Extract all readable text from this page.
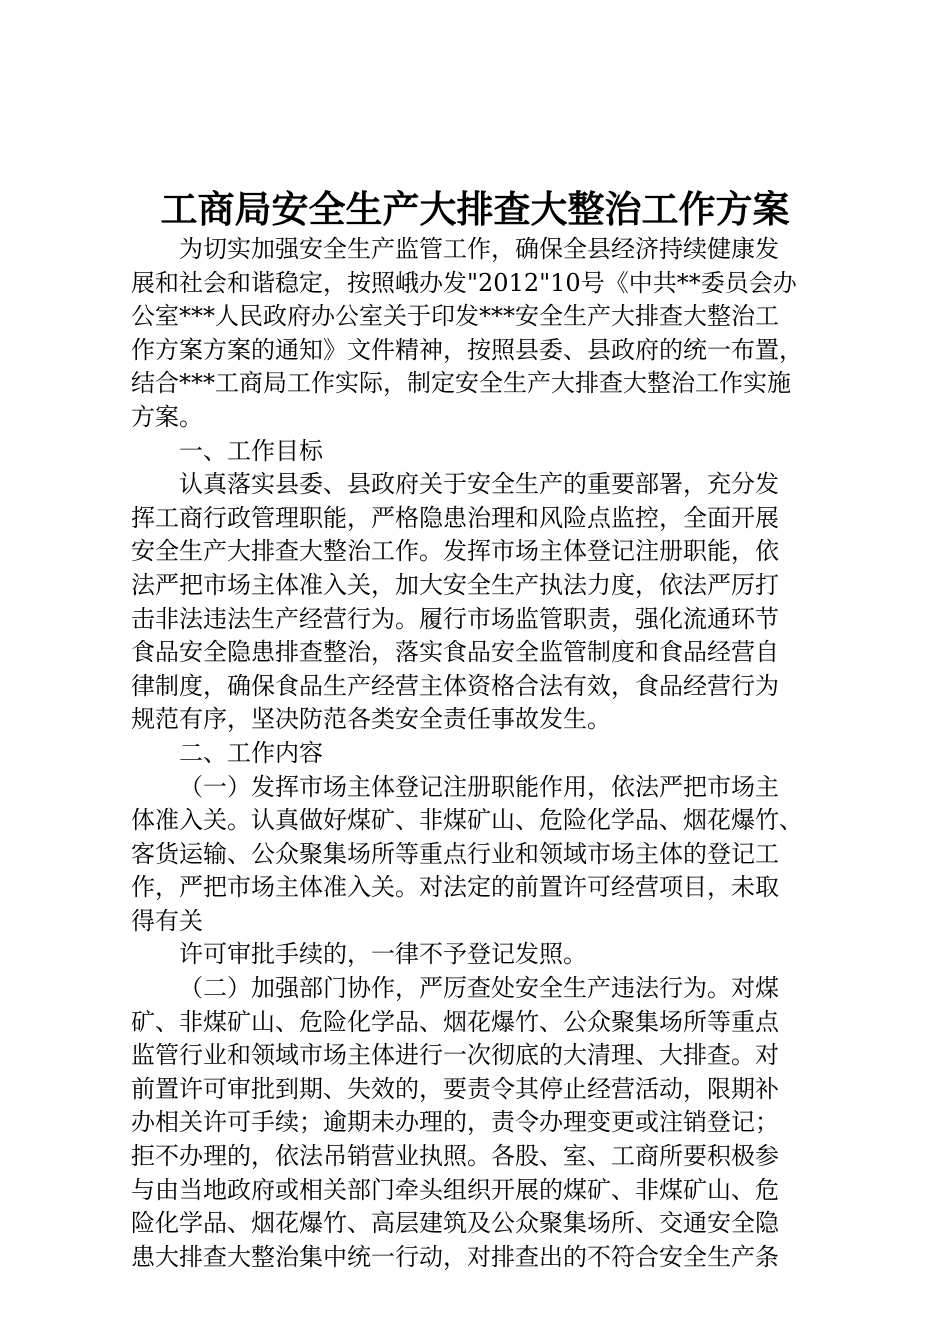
工商局安全生产大排查大整治工作方案
为切实加强安全生产监管工作，确保全县经济持续健康发
展和社会和谐稳定，按照峨办发"2012"10号《中共**委员会办
公室***人民政府办公室关于印发***安全生产大排查大整治工
作方案方案的通知》文件精神，按照县委、县政府的统一布置，
结合***工商局工作实际，制定安全生产大排查大整治工作实施
方案。
一、工作目标
认真落实县委、县政府关于安全生产的重要部署，充分发
挥工商行政管理职能，严格隐患治理和风险点监控，全面开展
安全生产大排查大整治工作。发挥市场主体登记注册职能，依
法严把市场主体准入关，加大安全生产执法力度，依法严厉打
击非法违法生产经营行为。履行市场监管职责，强化流通环节
食品安全隐患排查整治，落实食品安全监管制度和食品经营自
律制度，确保食品生产经营主体资格合法有效，食品经营行为
规范有序，坚决防范各类安全责任事故发生。
二、工作内容
（一）发挥市场主体登记注册职能作用，依法严把市场主
体准入关。认真做好煤矿、非煤矿山、危险化学品、烟花爆竹、
客货运输、公众聚集场所等重点行业和领域市场主体的登记工
作，严把市场主体准入关。对法定的前置许可经营项目，未取
得有关
许可审批手续的，一律不予登记发照。
（二）加强部门协作，严厉查处安全生产违法行为。对煤
矿、非煤矿山、危险化学品、烟花爆竹、公众聚集场所等重点
监管行业和领域市场主体进行一次彻底的大清理、大排查。对
前置许可审批到期、失效的，要责令其停止经营活动，限期补
办相关许可手续；逾期未办理的，责令办理变更或注销登记；
拒不办理的，依法吊销营业执照。各股、室、工商所要积极参
与由当地政府或相关部门牵头组织开展的煤矿、非煤矿山、危
险化学品、烟花爆竹、高层建筑及公众聚集场所、交通安全隐
患大排查大整治集中统一行动，对排查出的不符合安全生产条
